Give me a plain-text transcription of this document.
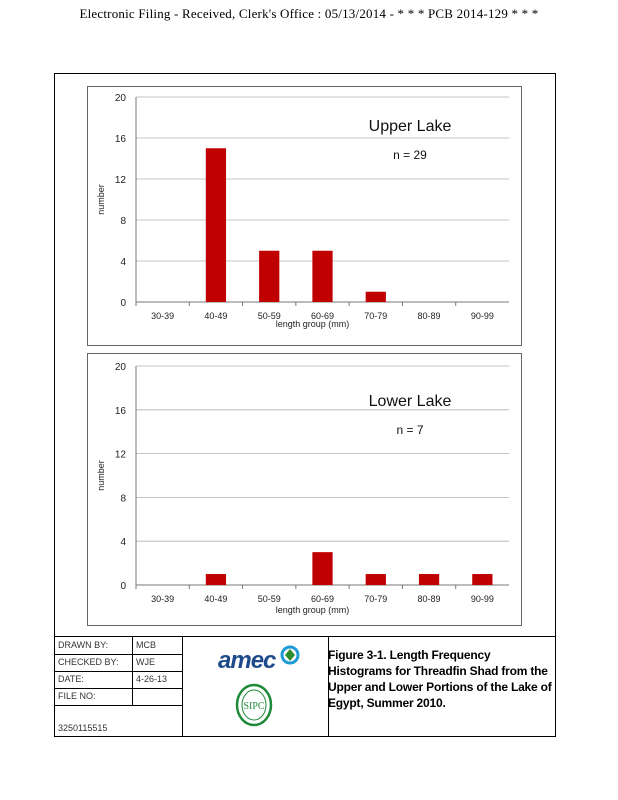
Electronic Filing - Received, Clerk's Office : 05/13/2014 - * * * PCB 2014-129 * * *
0
4
8
12
16
20
30-39	40-49	50-59	60-69	70-79	80-89	90-99
length group (mm)
number
Upper Lake
n = 29
0
4
8
12
16
20
30-39	40-49	50-59	60-69	70-79	80-89	90-99
length group (mm)
number
Lower Lake
n = 7
DRAWN BY:	MCB
CHECKED BY:	WJE
DATE:	4-26-13
FILE NO:
3250115515
amec
SIPC
Figure 3-1. Length Frequency Histograms for Threadfin Shad from the Upper and Lower Portions of the Lake of Egypt, Summer 2010.
